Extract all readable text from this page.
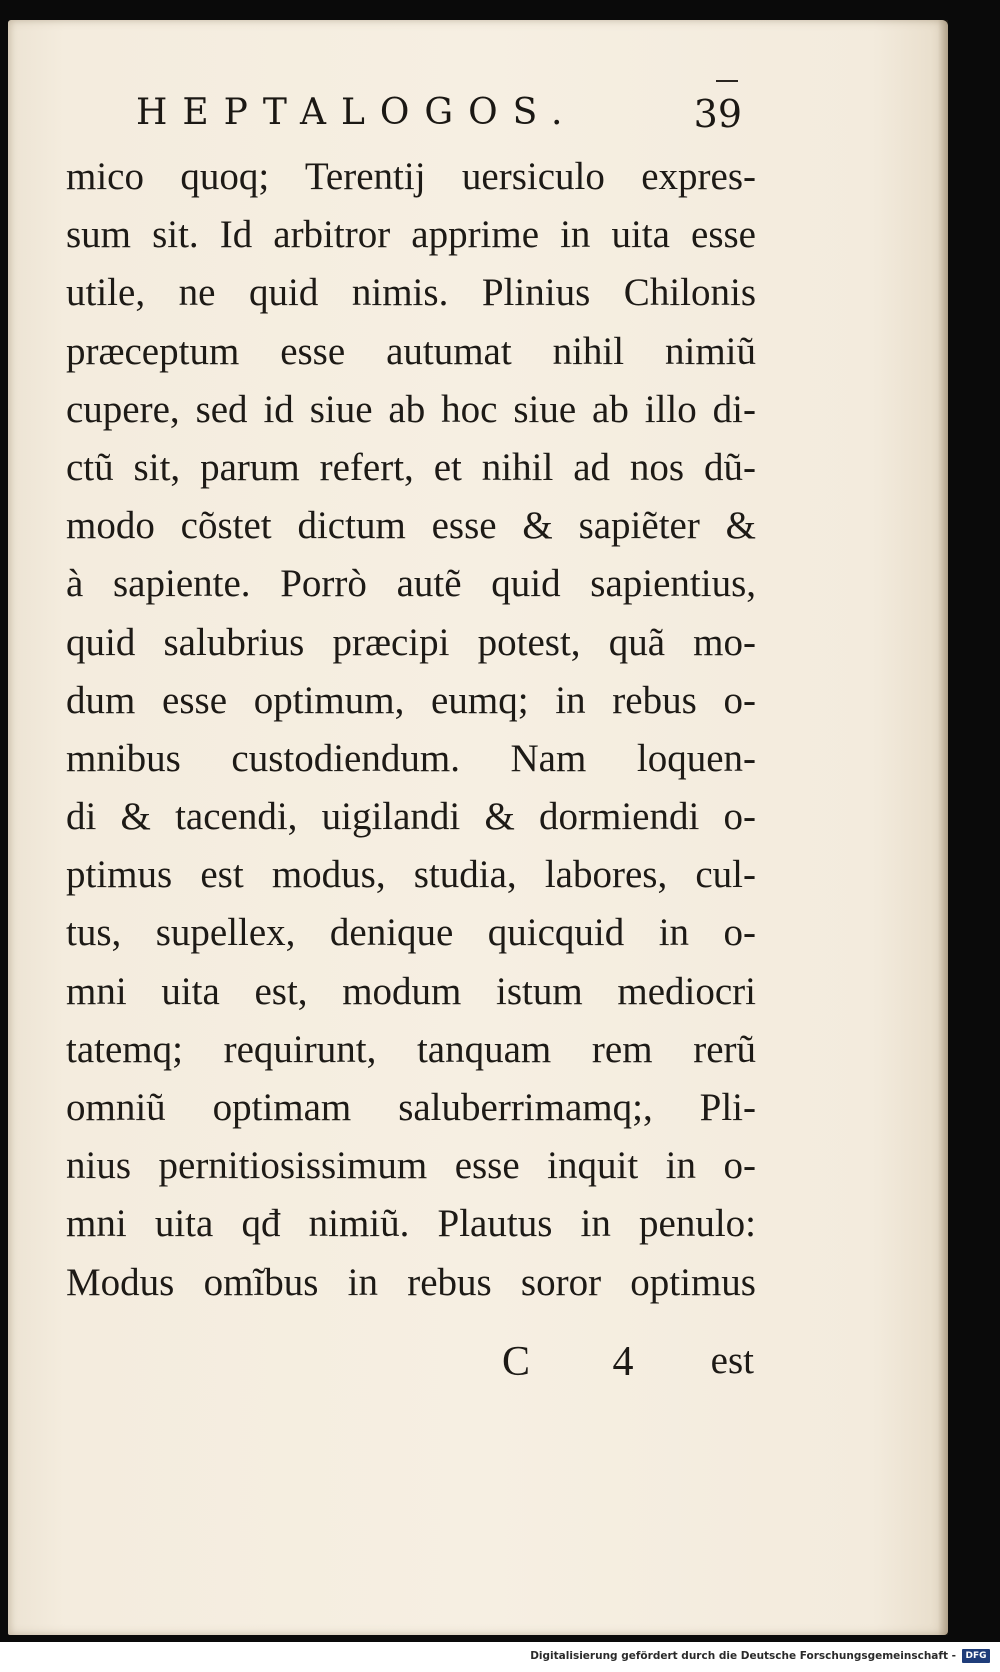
HEPTALOGOS.	39
mico quoq; Terentij uersiculo expres-
sum sit. Id arbitror apprime in uita esse
utile, ne quid nimis. Plinius Chilonis
præceptum esse autumat nihil nimiũ
cupere, sed id siue ab hoc siue ab illo di-
ctũ sit, parum refert, et nihil ad nos dũ-
modo cõstet dictum esse & sapiẽter &
à sapiente. Porrò autẽ quid sapientius,
quid salubrius præcipi potest, quã mo-
dum esse optimum, eumq; in rebus o-
mnibus custodiendum. Nam loquen-
di & tacendi, uigilandi & dormiendi o-
ptimus est modus, studia, labores, cul-
tus, supellex, denique quicquid in o-
mni uita est, modum istum mediocri
tatemq; requirunt, tanquam rem rerũ
omniũ optimam saluberrimamq;, Pli-
nius pernitiosissimum esse inquit in o-
mni uita qđ nimiũ. Plautus in penulo:
Modus omĩbus in rebus soror optimus
C 4 est
Digitalisierung gefördert durch die Deutsche Forschungsgemeinschaft -	DFG
